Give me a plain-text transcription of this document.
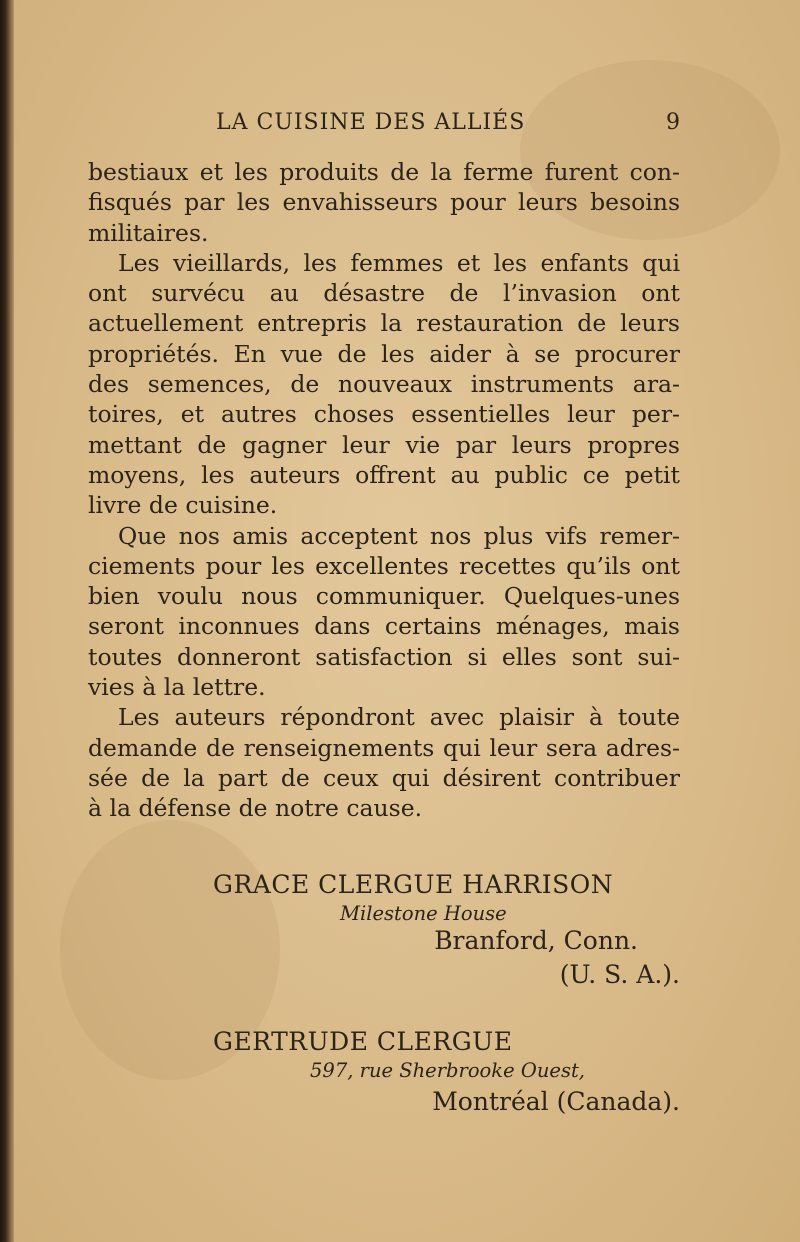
LA CUISINE DES ALLIÉS	9
bestiaux et les produits de la ferme furent con-
fisqués par les envahisseurs pour leurs besoins
militaires.
Les vieillards, les femmes et les enfants qui
ont survécu au désastre de l’invasion ont
actuellement entrepris la restauration de leurs
propriétés. En vue de les aider à se procurer
des semences, de nouveaux instruments ara-
toires, et autres choses essentielles leur per-
mettant de gagner leur vie par leurs propres
moyens, les auteurs offrent au public ce petit
livre de cuisine.
Que nos amis acceptent nos plus vifs remer-
ciements pour les excellentes recettes qu’ils ont
bien voulu nous communiquer. Quelques-unes
seront inconnues dans certains ménages, mais
toutes donneront satisfaction si elles sont sui-
vies à la lettre.
Les auteurs répondront avec plaisir à toute
demande de renseignements qui leur sera adres-
sée de la part de ceux qui désirent contribuer
à la défense de notre cause.
GRACE CLERGUE HARRISON
Milestone House
Branford, Conn.
(U. S. A.).
GERTRUDE CLERGUE
597, rue Sherbrooke Ouest,
Montréal (Canada).
